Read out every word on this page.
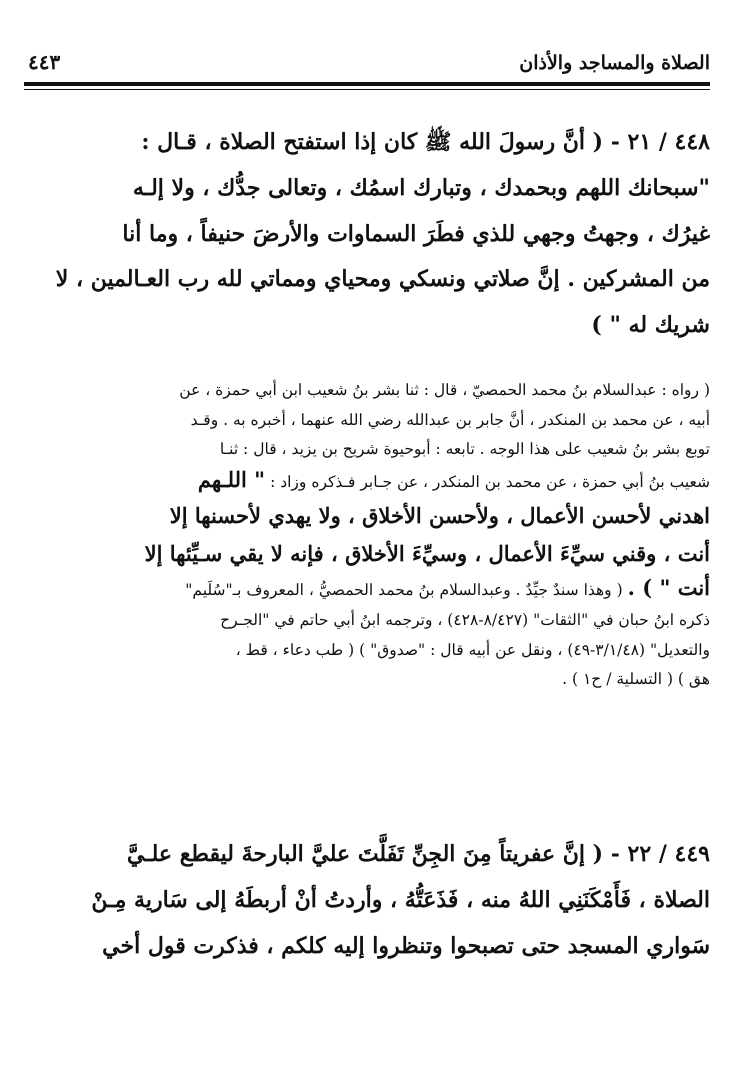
الصلاة والمساجد والأذان
٤٤٣
٤٤٨ / ٢١ - ( أنَّ رسولَ الله ﷺ كان إذا استفتح الصلاة ، قـال :
"سبحانك اللهم وبحمدك ، وتبارك اسمُك ، وتعالى جدُّك ، ولا إلـه
غيرُك ، وجهتُ وجهي للذي فطَرَ السماوات والأرضَ حنيفاً ، وما أنا
من المشركين . إنَّ صلاتي ونسكي ومحياي ومماتي لله رب العـالمين ، لا
شريك له " )
( رواه : عبدالسلام بنُ محمد الحمصيّ ، قال : ثنا بشر بنُ شعيب ابن أبي حمزة ، عن
أبيه ، عن محمد بن المنكدر ، أنَّ جابر بن عبدالله رضي الله عنهما ، أخبره به . وقـد
توبع بشر بنُ شعيب على هذا الوجه . تابعه : أبوحيوة شريح بن يزيد ، قال : ثنـا
شعيب بنُ أبي حمزة ، عن محمد بن المنكدر ، عن جـابر فـذكره وزاد : " اللـهم
اهدني لأحسن الأعمال ، ولأحسن الأخلاق ، ولا يهدي لأحسنها إلا
أنت ، وقني سيِّءَ الأعمال ، وسيِّءَ الأخلاق ، فإنه لا يقي سـيِّئها إلا
أنت " ) . ( وهذا سندٌ جيِّدٌ . وعبدالسلام بنُ محمد الحمصيُّ ، المعروف بـ"سُلَيم"
ذكره ابنُ حبان في "الثقات" (٨/٤٢٧-٤٢٨) ، وترجمه ابنُ أبي حاتم في "الجـرح
والتعديل" (٣/١/٤٨-٤٩) ، ونقل عن أبيه قال : "صدوق" ) ( طب دعاء ، قط ،
هق ) ( التسلية / ح١ ) .
٤٤٩ / ٢٢ - ( إنَّ عفريتاً مِنَ الجِنِّ تَفَلَّتَ عليَّ البارحةَ ليقطع علـيَّ
الصلاة ، فَأَمْكَنَنِي اللهُ منه ، فَذَعَتُّهُ ، وأردتُ أنْ أربطَهُ إلى سَارية مِـنْ
سَواري المسجد حتى تصبحوا وتنظروا إليه كلكم ، فذكرت قول أخي
